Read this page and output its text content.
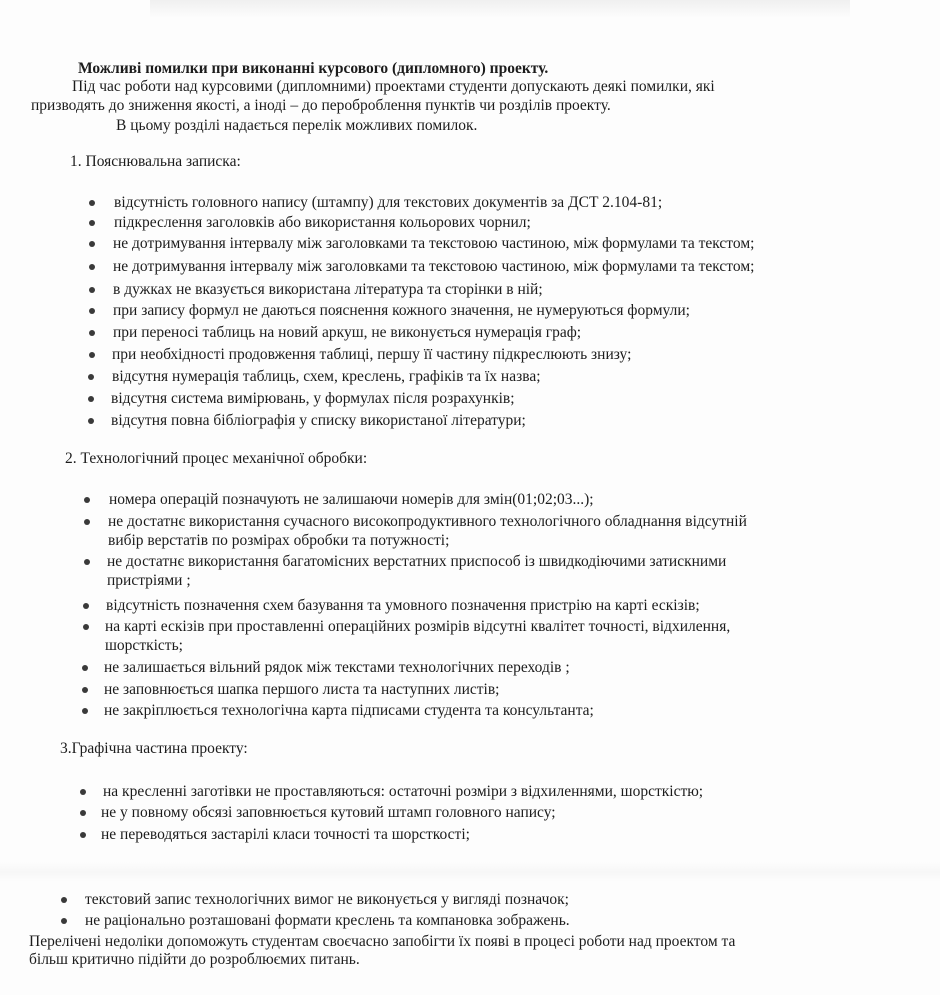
Можливі помилки при виконанні курсового (дипломного) проекту.
Під час роботи над курсовими (дипломними) проектами студенти допускають деякі помилки, які
призводять до зниження якості, а іноді – до пероброблення пунктів чи розділів проекту.
В цьому розділі надається перелік можливих помилок.
1. Пояснювальна записка:
відсутність головного напису (штампу) для текстових документів за ДСТ 2.104-81;
підкреслення заголовків або використання кольорових чорнил;
не дотримування інтервалу між заголовками та текстовою частиною, між формулами та текстом;
не дотримування інтервалу між заголовками та текстовою частиною, між формулами та текстом;
в дужках не вказується використана література та сторінки в ній;
при запису формул не даються пояснення кожного значення, не нумеруються формули;
при переносі таблиць на новий аркуш, не виконується нумерація граф;
при необхідності продовження таблиці, першу її частину підкреслюють знизу;
відсутня нумерація таблиць, схем, креслень, графіків та їх назва;
відсутня система вимірювань, у формулах після розрахунків;
відсутня повна бібліографія у списку використаної літератури;
2. Технологічний процес механічної обробки:
номера операцій позначують не залишаючи номерів для змін(01;02;03...);
не достатнє використання сучасного високопродуктивного технологічного обладнання відсутній
вибір верстатів по розмірах обробки та потужності;
не достатнє використання багатомісних верстатних приспособ із швидкодіючими затискними
пристріями ;
відсутність позначення схем базування та умовного позначення пристрію на карті ескізів;
на карті ескізів при проставленні операційних розмірів відсутні квалітет точності, відхилення,
шорсткість;
не залишається вільний рядок між текстами технологічних переходів ;
не заповнюється шапка першого листа та наступних листів;
не закріплюється технологічна карта підписами студента та консультанта;
3.Графічна частина проекту:
на кресленні заготівки не проставляються: остаточні розміри з відхиленнями, шорсткістю;
не у повному обсязі заповнюється кутовий штамп головного напису;
не переводяться застарілі класи точності та шорсткості;
текстовий запис технологічних вимог не виконується у вигляді позначок;
не раціонально розташовані формати креслень та компановка зображень.
Перелічені недоліки допоможуть студентам своєчасно запобігти їх появі в процесі роботи над проектом та
більш критично підійти до розроблюємих питань.
